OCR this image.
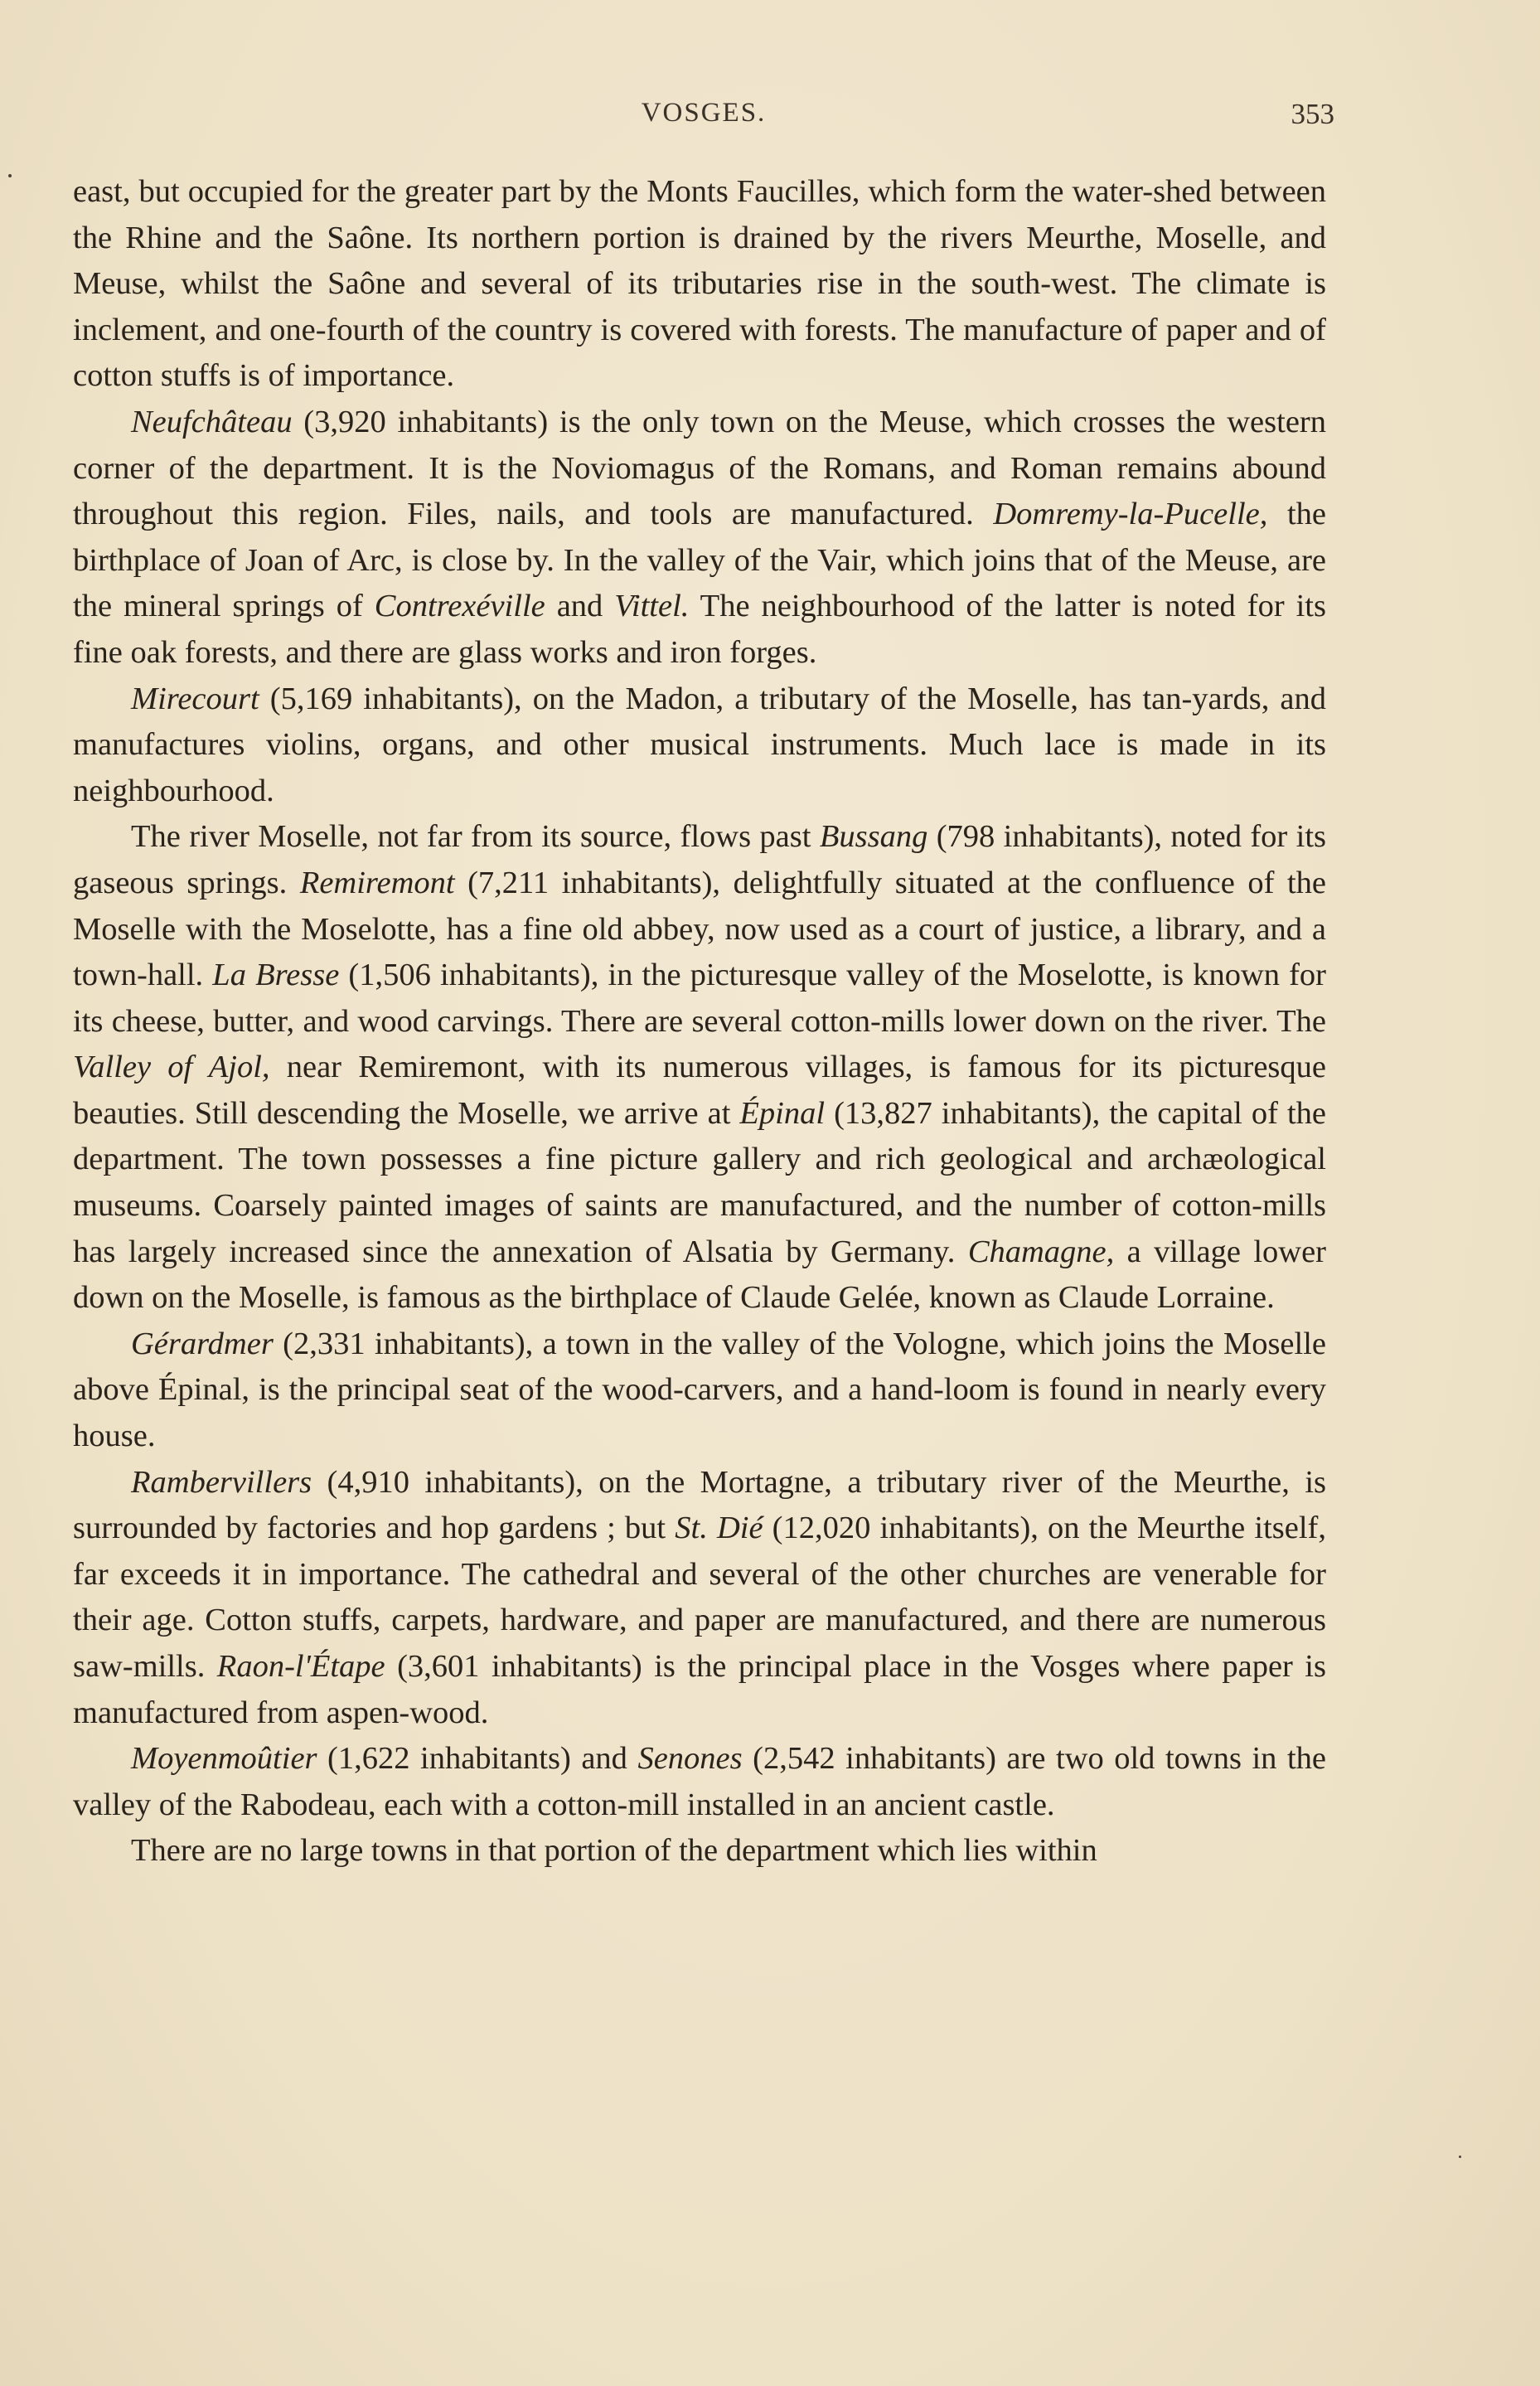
VOSGES.	353

east, but occupied for the greater part by the Monts Faucilles, which form the water-shed between the Rhine and the Saône. Its northern portion is drained by the rivers Meurthe, Moselle, and Meuse, whilst the Saône and several of its tributaries rise in the south-west. The climate is inclement, and one-fourth of the country is covered with forests. The manufacture of paper and of cotton stuffs is of importance.

Neufchâteau (3,920 inhabitants) is the only town on the Meuse, which crosses the western corner of the department. It is the Noviomagus of the Romans, and Roman remains abound throughout this region. Files, nails, and tools are manufactured. Domremy-la-Pucelle, the birthplace of Joan of Arc, is close by. In the valley of the Vair, which joins that of the Meuse, are the mineral springs of Contrexéville and Vittel. The neighbourhood of the latter is noted for its fine oak forests, and there are glass works and iron forges.

Mirecourt (5,169 inhabitants), on the Madon, a tributary of the Moselle, has tan-yards, and manufactures violins, organs, and other musical instruments. Much lace is made in its neighbourhood.

The river Moselle, not far from its source, flows past Bussang (798 inhabitants), noted for its gaseous springs. Remiremont (7,211 inhabitants), delightfully situated at the confluence of the Moselle with the Moselotte, has a fine old abbey, now used as a court of justice, a library, and a town-hall. La Bresse (1,506 inhabitants), in the picturesque valley of the Moselotte, is known for its cheese, butter, and wood carvings. There are several cotton-mills lower down on the river. The Valley of Ajol, near Remiremont, with its numerous villages, is famous for its picturesque beauties. Still descending the Moselle, we arrive at Épinal (13,827 inhabitants), the capital of the department. The town possesses a fine picture gallery and rich geological and archæological museums. Coarsely painted images of saints are manufactured, and the number of cotton-mills has largely increased since the annexation of Alsatia by Germany. Chamagne, a village lower down on the Moselle, is famous as the birthplace of Claude Gelée, known as Claude Lorraine.

Gérardmer (2,331 inhabitants), a town in the valley of the Vologne, which joins the Moselle above Épinal, is the principal seat of the wood-carvers, and a hand-loom is found in nearly every house.

Rambervillers (4,910 inhabitants), on the Mortagne, a tributary river of the Meurthe, is surrounded by factories and hop gardens ; but St. Dié (12,020 inhabitants), on the Meurthe itself, far exceeds it in importance. The cathedral and several of the other churches are venerable for their age. Cotton stuffs, carpets, hardware, and paper are manufactured, and there are numerous saw-mills. Raon-l'Étape (3,601 inhabitants) is the principal place in the Vosges where paper is manufactured from aspen-wood.

Moyenmoûtier (1,622 inhabitants) and Senones (2,542 inhabitants) are two old towns in the valley of the Rabodeau, each with a cotton-mill installed in an ancient castle.

There are no large towns in that portion of the department which lies within
